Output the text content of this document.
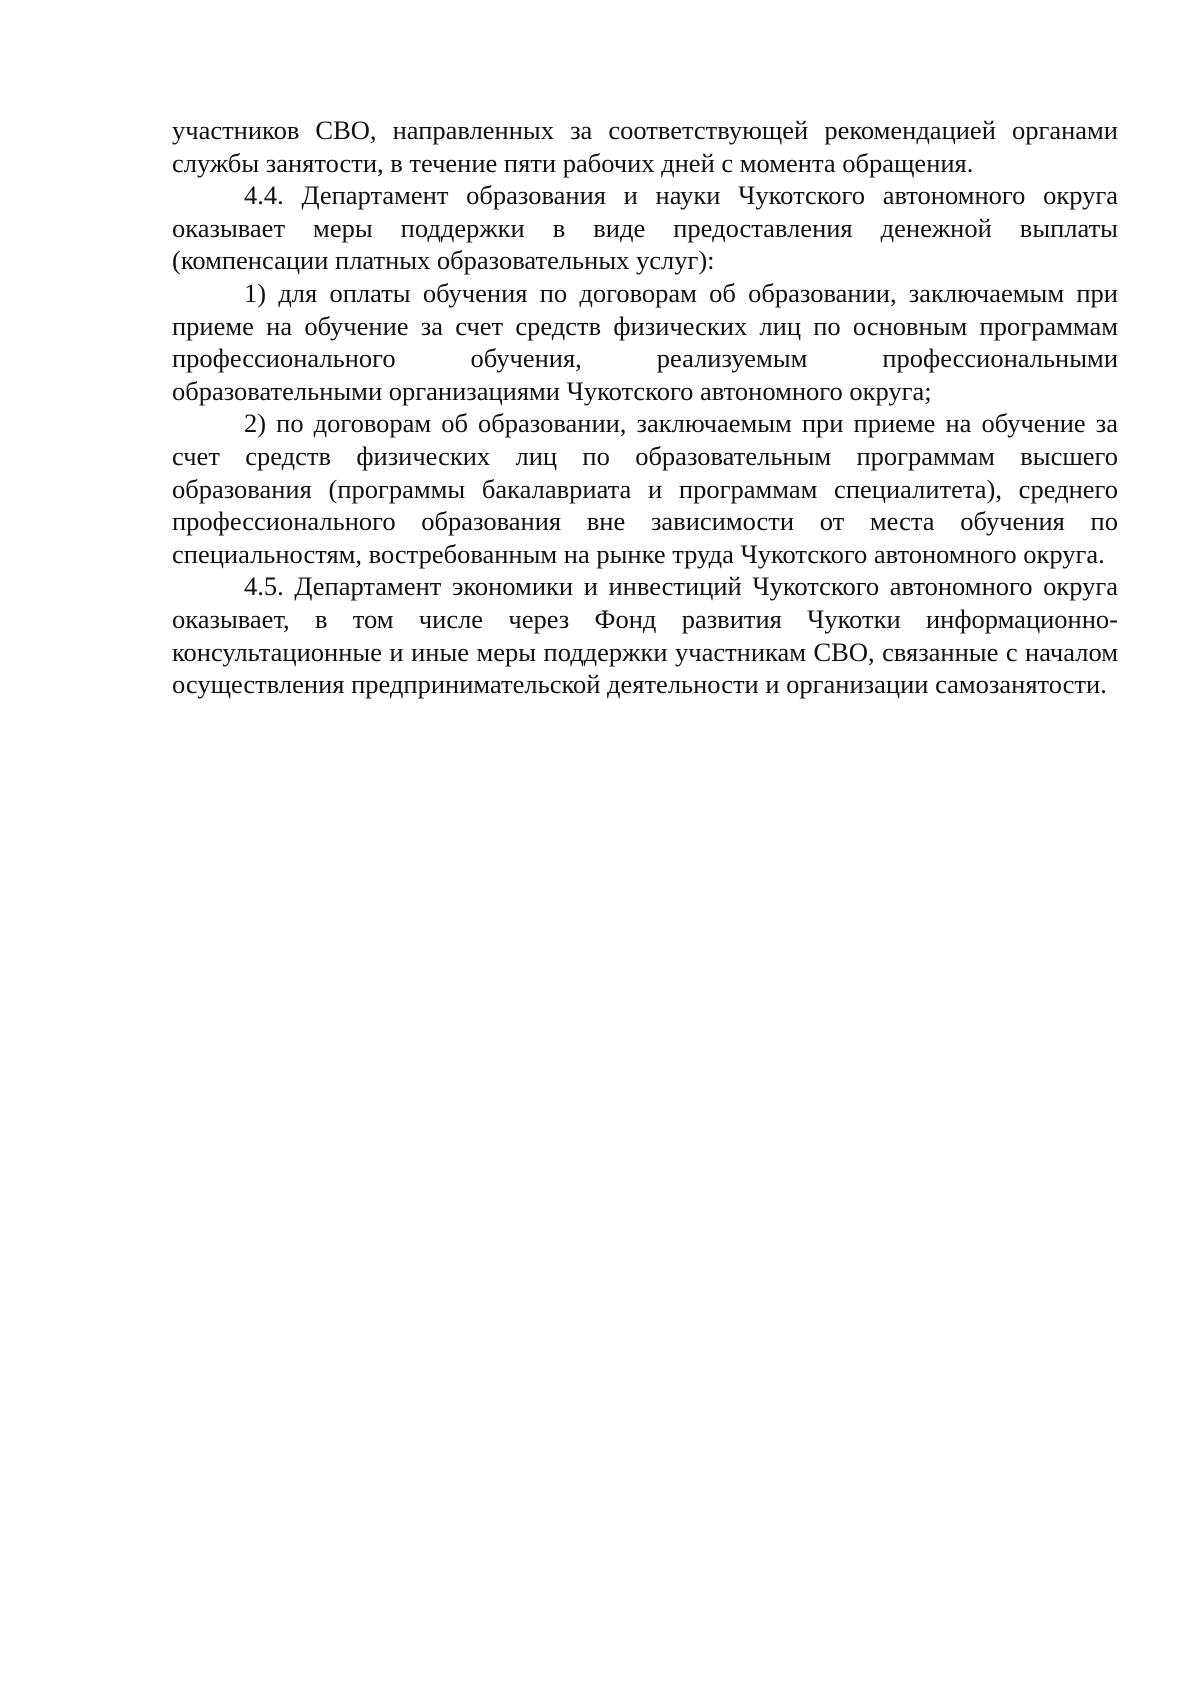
участников СВО, направленных за соответствующей рекомендацией органами службы занятости, в течение пяти рабочих дней с момента обращения.

4.4. Департамент образования и науки Чукотского автономного округа оказывает меры поддержки в виде предоставления денежной выплаты (компенсации платных образовательных услуг):

1) для оплаты обучения по договорам об образовании, заключаемым при приеме на обучение за счет средств физических лиц по основным программам профессионального обучения, реализуемым профессиональными образовательными организациями Чукотского автономного округа;

2) по договорам об образовании, заключаемым при приеме на обучение за счет средств физических лиц по образовательным программам высшего образования (программы бакалавриата и программам специалитета), среднего профессионального образования вне зависимости от места обучения по специальностям, востребованным на рынке труда Чукотского автономного округа.

4.5. Департамент экономики и инвестиций Чукотского автономного округа оказывает, в том числе через Фонд развития Чукотки информационно-консультационные и иные меры поддержки участникам СВО, связанные с началом осуществления предпринимательской деятельности и организации самозанятости.
